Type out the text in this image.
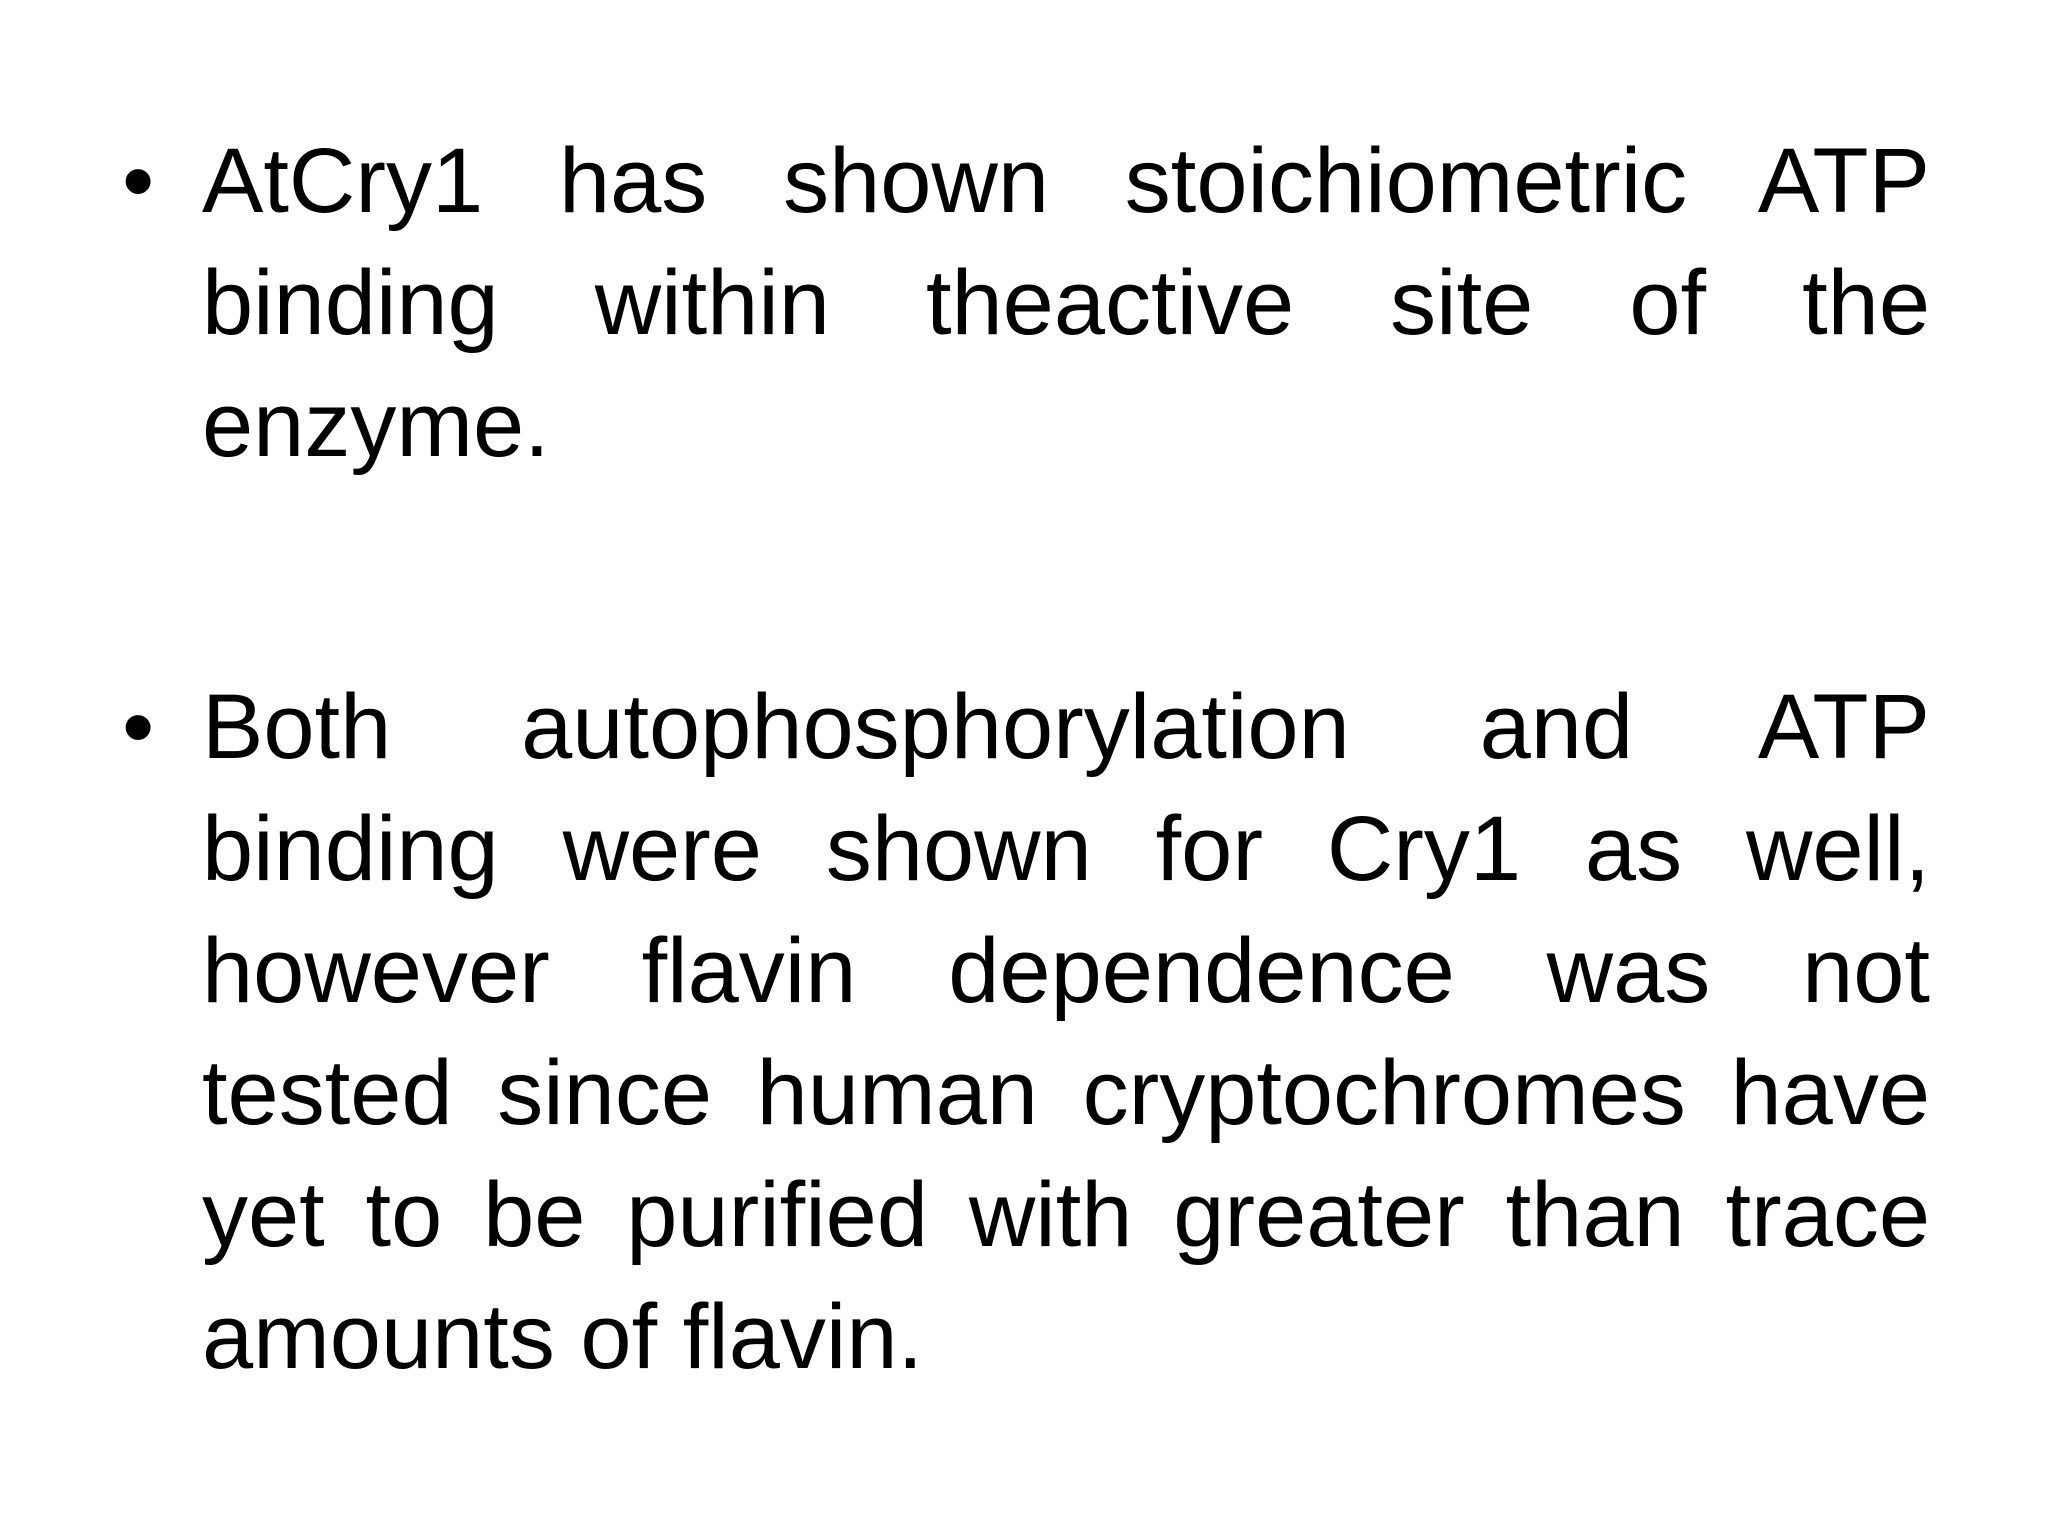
• AtCry1 has shown stoichiometric ATP binding within theactive site of the enzyme.
• Both autophosphorylation and ATP binding were shown for Cry1 as well, however flavin dependence was not tested since human cryptochromes have yet to be purified with greater than trace amounts of flavin.
